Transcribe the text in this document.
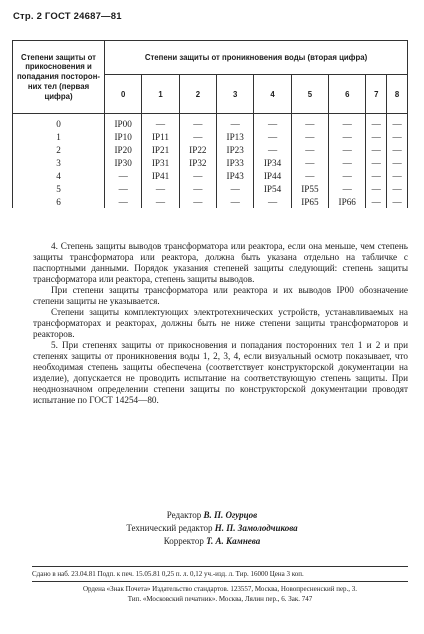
Стр. 2 ГОСТ 24687—81
Степени защиты от
прикосновения и
попадания посторон-
них тел (первая
цифра)	Степени защиты от проникновения воды (вторая цифра)								
	0	1	2	3	4	5	6	7	8
0	IP00	—	—	—	—	—	—	—	—
1	IP10	IP11	—	IP13	—	—	—	—	—
2	IP20	IP21	IP22	IP23	—	—	—	—	—
3	IP30	IP31	IP32	IP33	IP34	—	—	—	—
4	—	IP41	—	IP43	IP44	—	—	—	—
5	—	—	—	—	IP54	IP55	—	—	—
6	—	—	—	—	—	IP65	IP66	—	—

4. Степень защиты выводов трансформатора или реактора, если она меньше, чем степень защиты трансформатора или реактора, должна быть указана отдельно на табличке с паспортными данными. Порядок указания степеней защиты следующий: степень защиты трансформатора или реактора, степень защиты выводов.

При степени защиты трансформатора или реактора и их выводов IP00 обозначение степени защиты не указывается.

Степени защиты комплектующих электротехнических устройств, устанавливаемых на трансформаторах и реакторах, должны быть не ниже степени защиты трансформаторов и реакторов.

5. При степенях защиты от прикосновения и попадания посторонних тел 1 и 2 и при степенях защиты от проникновения воды 1, 2, 3, 4, если визуальный осмотр показывает, что необходимая степень защиты обеспечена (соответствует конструкторской документации на изделие), допускается не проводить испытание на соответствующую степень защиты. При неоднозначном определении степени защиты по конструкторской документации проводят испытание по ГОСТ 14254—80.

Редактор В. П. Огурцов

Технический редактор Н. П. Замолодчикова

Корректор Т. А. Камнева

Сдано в наб. 23.04.81 Подп. к печ. 15.05.81 0,25 п. л. 0,12 уч.-изд. л. Тир. 16000 Цена 3 коп.

Ордена «Знак Почета» Издательство стандартов. 123557, Москва, Новопресненский пер., 3.

Тип. «Московский печатник». Москва, Лялин пер., 6. Зак. 747
